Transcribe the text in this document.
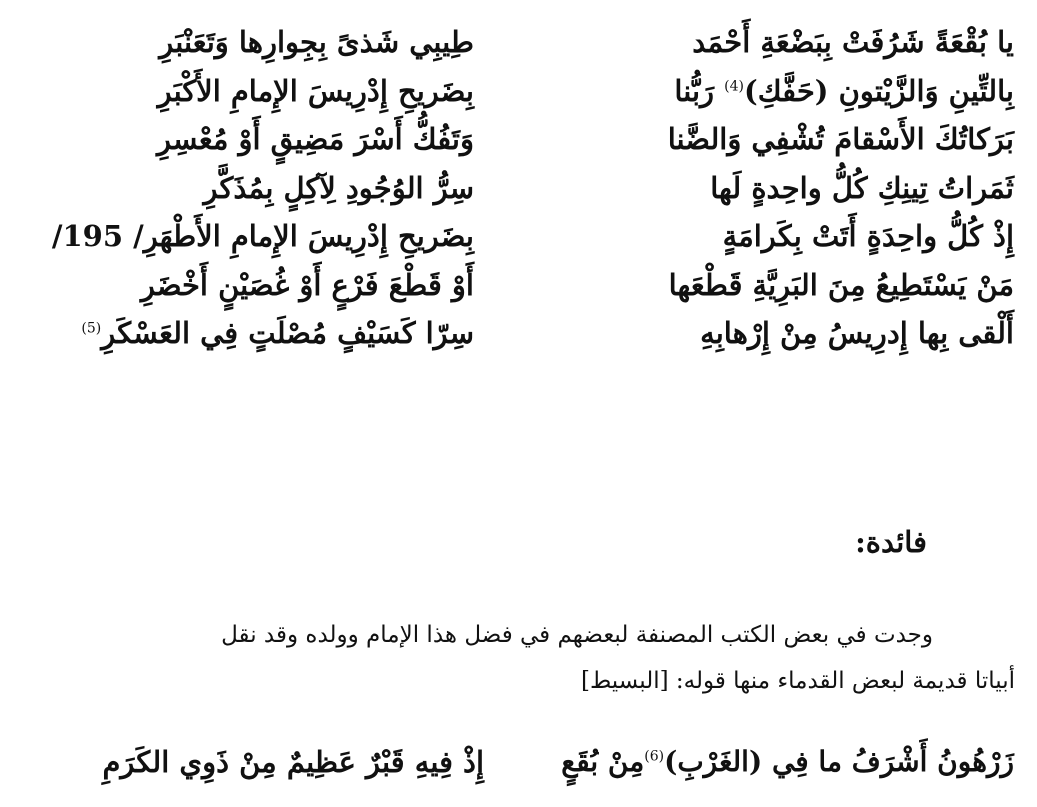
يا بُقْعَةً شَرُفَتْ بِبَضْعَةِ أَحْمَد
طِيبِي شَذىً بِجِوارِها وَتَعَنْبَرِ
بِالتِّينِ وَالزَّيْتونِ (حَفَّكِ)$^{(4)}$ رَبُّنا
بِضَريحِ إِدْرِيسَ الإِمامِ الأَكْبَرِ
بَرَكاتُكَ الأَسْقامَ تُشْفِي وَالضَّنا
وَتَفُكُّ أَسْرَ مَضِيقٍ أَوْ مُعْسِرِ
ثَمَراتُ تِينِكِ كُلُّ واحِدةٍ لَها
سِرُّ الوُجُودِ لِآكِلٍ بِمُذَكَّرِ
إِذْ كُلُّ واحِدَةٍ أَتَتْ بِكَرامَةٍ
بِضَريحِ إِدْرِيسَ الإِمامِ الأَطْهَرِ/ 195/
مَنْ يَسْتَطِيعُ مِنَ البَرِيَّةِ قَطْعَها
أَوْ قَطْعَ فَرْعٍ أَوْ غُصَيْنٍ أَخْضَرِ
أَلْقى بِها إِدرِيسُ مِنْ إِرْهابِهِ
سِرّا كَسَيْفٍ مُصْلَتٍ فِي العَسْكَرِ$^{(5)}$
فائدة:
وجدت في بعض الكتب المصنفة لبعضهم في فضل هذا الإمام وولده وقد نقل
أبياتا قديمة لبعض القدماء منها قوله: [البسيط]
زَرْهُونُ أَشْرَفُ ما فِي (الغَرْبِ)$^{(6)}$مِنْ بُقَعٍ
إِذْ فِيهِ قَبْرٌ عَظِيمٌ مِنْ ذَوِي الكَرَمِ
